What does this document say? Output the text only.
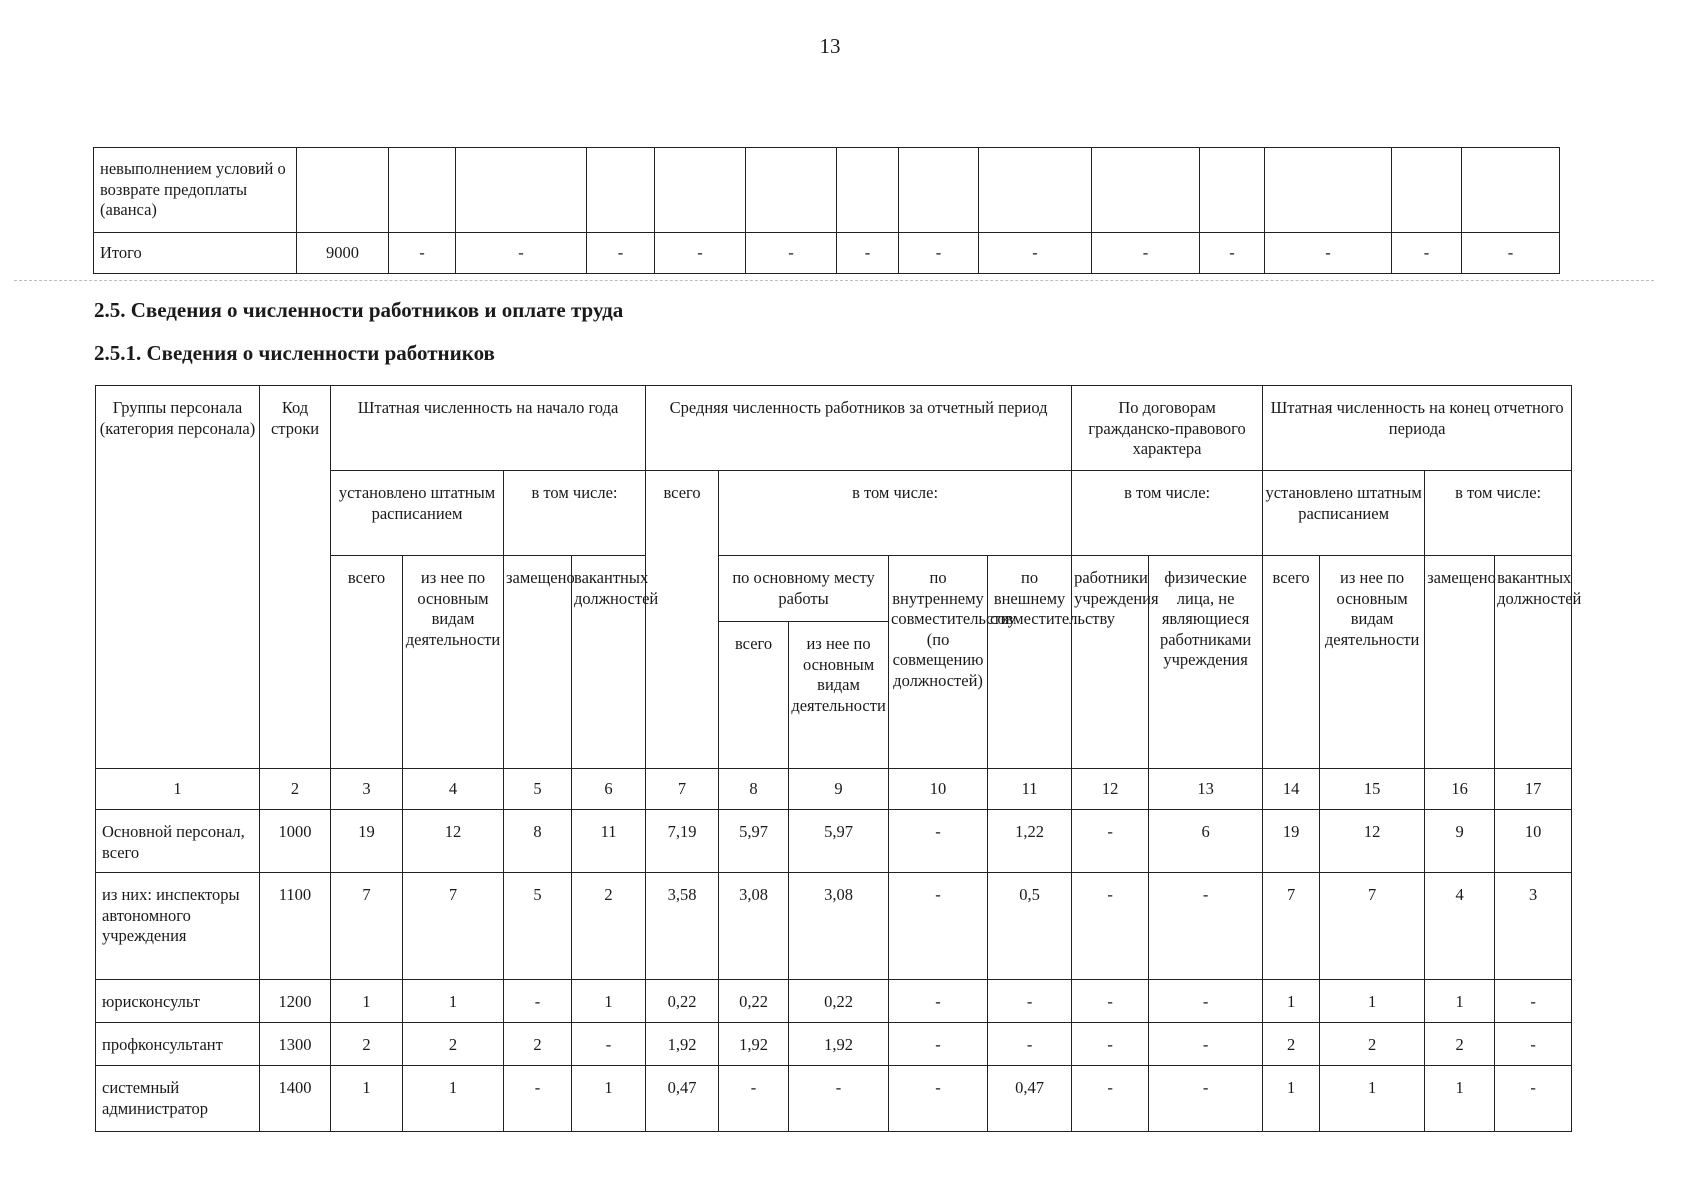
13
невыполнением условий о возврате предоплаты (аванса)														
Итого	9000	-	-	-	-	-	-	-	-	-	-	-	-	-
2.5. Сведения о численности работников и оплате труда
2.5.1. Сведения о численности работников
Группы персонала (категория персонала)	Код строки	Штатная численность на начало года				Средняя численность работников за отчетный период					По договорам гражданско-правового характера		Штатная численность на конец отчетного периода			
		установлено штатным расписанием		в том числе:		всего	в том числе:				в том числе:		установлено штатным расписанием		в том числе:	
		всего	из нее по основным видам деятельности	замещено	вакантных должностей		по основному месту работы		по внутреннему совместительству (по совмещению должностей)	по внешнему совместительству	работники учреждения	физические лица, не являющиеся работниками учреждения	всего	из нее по основным видам деятельности	замещено	вакантных должностей
							всего	из нее по основным видам деятельности								
1	2	3	4	5	6	7	8	9	10	11	12	13	14	15	16	17
Основной персонал, всего	1000	19	12	8	11	7,19	5,97	5,97	-	1,22	-	6	19	12	9	10
из них: инспекторы автономного учреждения	1100	7	7	5	2	3,58	3,08	3,08	-	0,5	-	-	7	7	4	3
юрисконсульт	1200	1	1	-	1	0,22	0,22	0,22	-	-	-	-	1	1	1	-
профконсультант	1300	2	2	2	-	1,92	1,92	1,92	-	-	-	-	2	2	2	-
системный администратор	1400	1	1	-	1	0,47	-	-	-	0,47	-	-	1	1	1	-
